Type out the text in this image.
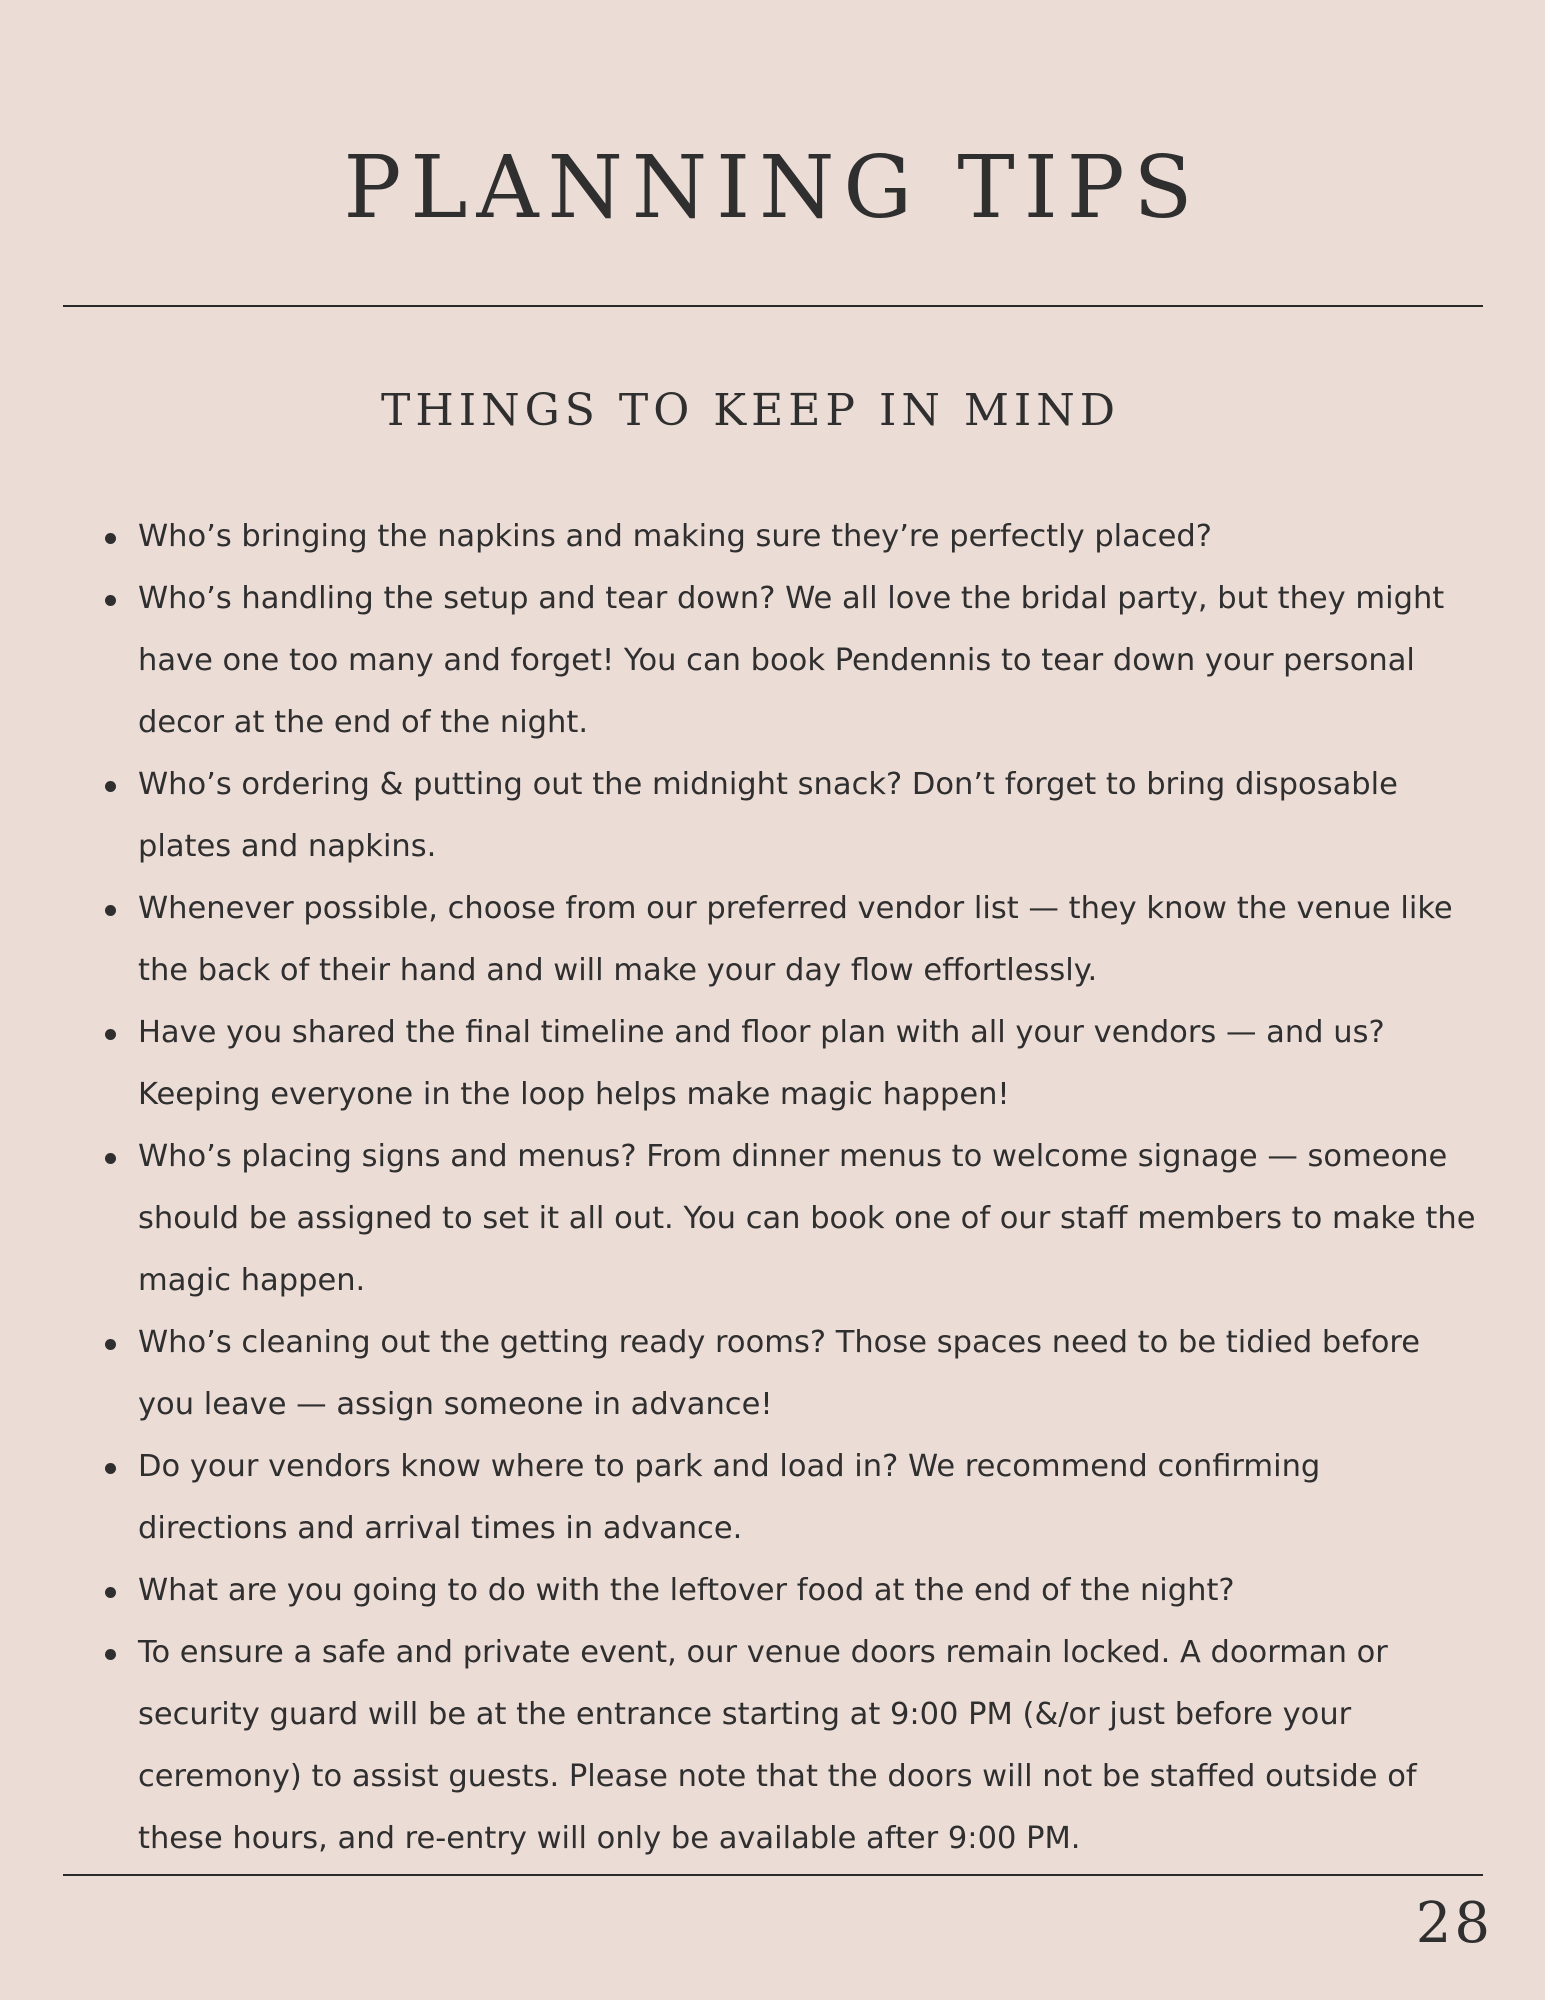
PLANNING TIPS
THINGS TO KEEP IN MIND
Who’s bringing the napkins and making sure they’re perfectly placed?
Who’s handling the setup and tear down? We all love the bridal party, but they might have one too many and forget! You can book Pendennis to tear down your personal decor at the end of the night.
Who’s ordering & putting out the midnight snack? Don’t forget to bring disposable plates and napkins.
Whenever possible, choose from our preferred vendor list — they know the venue like the back of their hand and will make your day flow effortlessly.
Have you shared the final timeline and floor plan with all your vendors — and us? Keeping everyone in the loop helps make magic happen!
Who’s placing signs and menus? From dinner menus to welcome signage — someone should be assigned to set it all out. You can book one of our staff members to make the magic happen.
Who’s cleaning out the getting ready rooms? Those spaces need to be tidied before you leave — assign someone in advance!
Do your vendors know where to park and load in? We recommend confirming directions and arrival times in advance.
What are you going to do with the leftover food at the end of the night?
To ensure a safe and private event, our venue doors remain locked. A doorman or security guard will be at the entrance starting at 9:00 PM (&/or just before your ceremony) to assist guests. Please note that the doors will not be staffed outside of these hours, and re-entry will only be available after 9:00 PM.
28
